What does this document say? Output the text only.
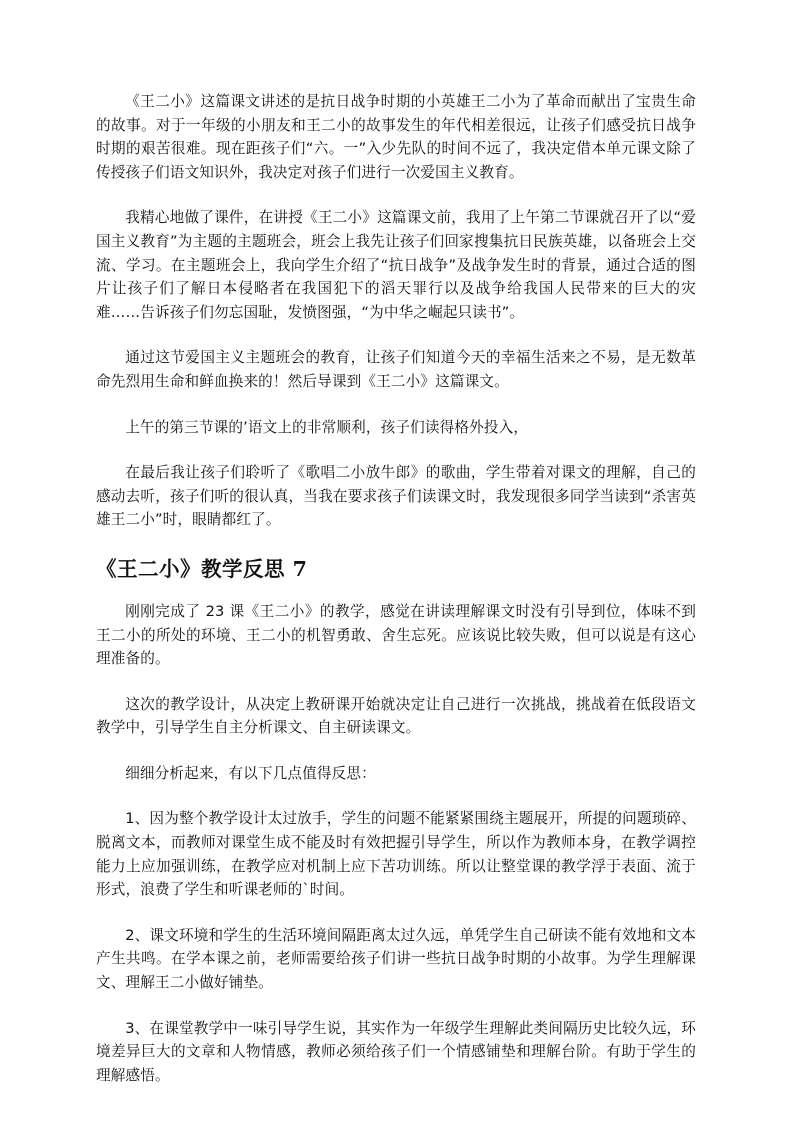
《王二小》这篇课文讲述的是抗日战争时期的小英雄王二小为了革命而献出了宝贵生命的故事。对于一年级的小朋友和王二小的故事发生的年代相差很远，让孩子们感受抗日战争时期的艰苦很难。现在距孩子们“六。一”入少先队的时间不远了，我决定借本单元课文除了传授孩子们语文知识外，我决定对孩子们进行一次爱国主义教育。

我精心地做了课件，在讲授《王二小》这篇课文前，我用了上午第二节课就召开了以“爱国主义教育”为主题的主题班会，班会上我先让孩子们回家搜集抗日民族英雄，以备班会上交流、学习。在主题班会上，我向学生介绍了“抗日战争”及战争发生时的背景，通过合适的图片让孩子们了解日本侵略者在我国犯下的滔天罪行以及战争给我国人民带来的巨大的灾难……告诉孩子们勿忘国耻，发愤图强，“为中华之崛起只读书”。

通过这节爱国主义主题班会的教育，让孩子们知道今天的幸福生活来之不易，是无数革命先烈用生命和鲜血换来的！然后导课到《王二小》这篇课文。

上午的第三节课的’语文上的非常顺利，孩子们读得格外投入，

在最后我让孩子们聆听了《歌唱二小放牛郎》的歌曲，学生带着对课文的理解，自己的感动去听，孩子们听的很认真，当我在要求孩子们读课文时，我发现很多同学当读到“杀害英雄王二小”时，眼睛都红了。

《王二小》教学反思 7

刚刚完成了 23 课《王二小》的教学，感觉在讲读理解课文时没有引导到位，体味不到王二小的所处的环境、王二小的机智勇敢、舍生忘死。应该说比较失败，但可以说是有这心理准备的。

这次的教学设计，从决定上教研课开始就决定让自己进行一次挑战，挑战着在低段语文教学中，引导学生自主分析课文、自主研读课文。

细细分析起来，有以下几点值得反思：

1、因为整个教学设计太过放手，学生的问题不能紧紧围绕主题展开，所提的问题琐碎、脱离文本，而教师对课堂生成不能及时有效把握引导学生，所以作为教师本身，在教学调控能力上应加强训练，在教学应对机制上应下苦功训练。所以让整堂课的教学浮于表面、流于形式，浪费了学生和听课老师的`时间。

2、课文环境和学生的生活环境间隔距离太过久远，单凭学生自己研读不能有效地和文本产生共鸣。在学本课之前，老师需要给孩子们讲一些抗日战争时期的小故事。为学生理解课文、理解王二小做好铺垫。

3、在课堂教学中一味引导学生说，其实作为一年级学生理解此类间隔历史比较久远，环境差异巨大的文章和人物情感，教师必须给孩子们一个情感铺垫和理解台阶。有助于学生的理解感悟。
